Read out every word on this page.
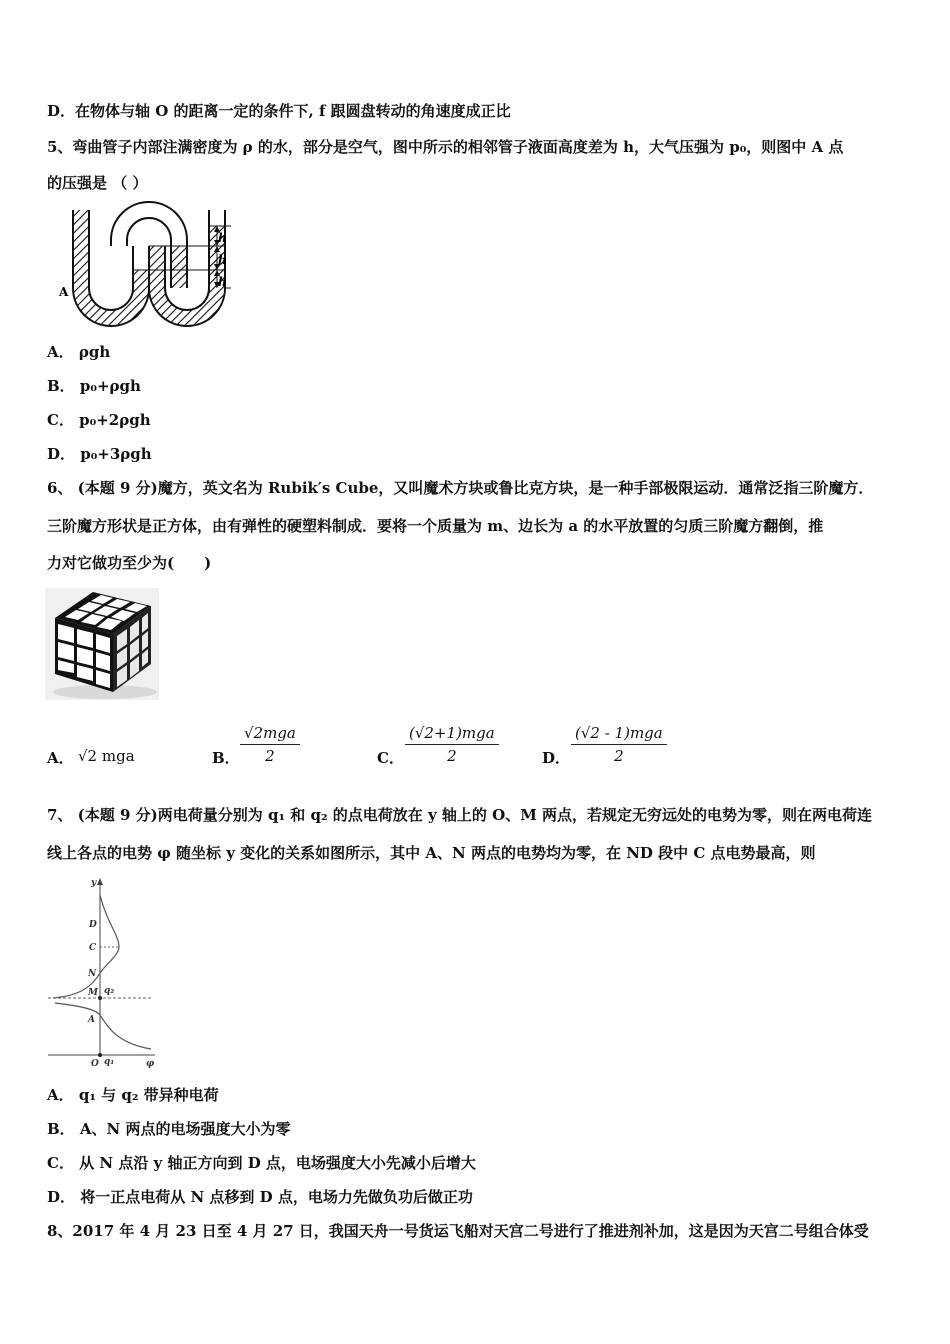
D．在物体与轴 O 的距离一定的条件下, f 跟圆盘转动的角速度成正比
5、弯曲管子内部注满密度为 ρ 的水，部分是空气，图中所示的相邻管子液面高度差为 h，大气压强为 p₀，则图中 A 点
的压强是 （ ）
h
h
h
A
A． ρgh
B． p₀+ρgh
C． p₀+2ρgh
D． p₀+3ρgh
6、 (本题 9 分)魔方，英文名为 Rubik′s Cube，又叫魔术方块或鲁比克方块，是一种手部极限运动．通常泛指三阶魔方．
三阶魔方形状是正方体，由有弹性的硬塑料制成．要将一个质量为 m、边长为 a 的水平放置的匀质三阶魔方翻倒，推
力对它做功至少为(　　)
A． √2 mga	B．
√2mga
2	C．
(√2+1)mga
2	D．
(√2 - 1)mga
2
7、 (本题 9 分)两电荷量分别为 q₁ 和 q₂ 的点电荷放在 y 轴上的 O、M 两点，若规定无穷远处的电势为零，则在两电荷连
线上各点的电势 φ 随坐标 y 变化的关系如图所示，其中 A、N 两点的电势均为零，在 ND 段中 C 点电势最高，则
y
D
C
N
M q₂
A
O q₁	φ
A． q₁ 与 q₂ 带异种电荷
B． A、N 两点的电场强度大小为零
C． 从 N 点沿 y 轴正方向到 D 点，电场强度大小先减小后增大
D． 将一正点电荷从 N 点移到 D 点，电场力先做负功后做正功
8、2017 年 4 月 23 日至 4 月 27 日，我国天舟一号货运飞船对天宫二号进行了推进剂补加，这是因为天宫二号组合体受
